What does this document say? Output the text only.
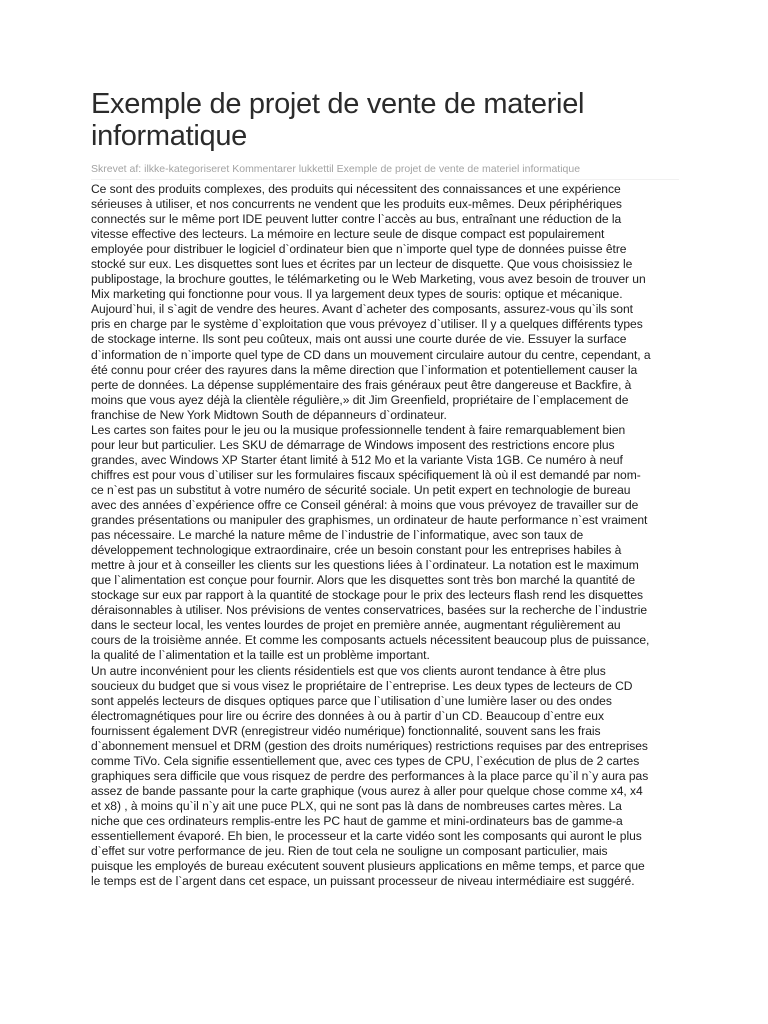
Exemple de projet de vente de materiel informatique
Skrevet af: ilkke-kategoriseret Kommentarer lukkettil Exemple de projet de vente de materiel informatique

Ce sont des produits complexes, des produits qui nécessitent des connaissances et une expérience
sérieuses à utiliser, et nos concurrents ne vendent que les produits eux-mêmes. Deux périphériques
connectés sur le même port IDE peuvent lutter contre l`accès au bus, entraînant une réduction de la
vitesse effective des lecteurs. La mémoire en lecture seule de disque compact est populairement
employée pour distribuer le logiciel d`ordinateur bien que n`importe quel type de données puisse être
stocké sur eux. Les disquettes sont lues et écrites par un lecteur de disquette. Que vous choisissiez le
publipostage, la brochure gouttes, le télémarketing ou le Web Marketing, vous avez besoin de trouver un
Mix marketing qui fonctionne pour vous. Il ya largement deux types de souris: optique et mécanique.
Aujourd`hui, il s`agit de vendre des heures. Avant d`acheter des composants, assurez-vous qu`ils sont
pris en charge par le système d`exploitation que vous prévoyez d`utiliser. Il y a quelques différents types
de stockage interne. Ils sont peu coûteux, mais ont aussi une courte durée de vie. Essuyer la surface
d`information de n`importe quel type de CD dans un mouvement circulaire autour du centre, cependant, a
été connu pour créer des rayures dans la même direction que l`information et potentiellement causer la
perte de données. La dépense supplémentaire des frais généraux peut être dangereuse et Backfire, à
moins que vous ayez déjà la clientèle régulière,» dit Jim Greenfield, propriétaire de l`emplacement de
franchise de New York Midtown South de dépanneurs d`ordinateur.

Les cartes son faites pour le jeu ou la musique professionnelle tendent à faire remarquablement bien
pour leur but particulier. Les SKU de démarrage de Windows imposent des restrictions encore plus
grandes, avec Windows XP Starter étant limité à 512 Mo et la variante Vista 1GB. Ce numéro à neuf
chiffres est pour vous d`utiliser sur les formulaires fiscaux spécifiquement là où il est demandé par nom-
ce n`est pas un substitut à votre numéro de sécurité sociale. Un petit expert en technologie de bureau
avec des années d`expérience offre ce Conseil général: à moins que vous prévoyez de travailler sur de
grandes présentations ou manipuler des graphismes, un ordinateur de haute performance n`est vraiment
pas nécessaire. Le marché la nature même de l`industrie de l`informatique, avec son taux de
développement technologique extraordinaire, crée un besoin constant pour les entreprises habiles à
mettre à jour et à conseiller les clients sur les questions liées à l`ordinateur. La notation est le maximum
que l`alimentation est conçue pour fournir. Alors que les disquettes sont très bon marché la quantité de
stockage sur eux par rapport à la quantité de stockage pour le prix des lecteurs flash rend les disquettes
déraisonnables à utiliser. Nos prévisions de ventes conservatrices, basées sur la recherche de l`industrie
dans le secteur local, les ventes lourdes de projet en première année, augmentant régulièrement au
cours de la troisième année. Et comme les composants actuels nécessitent beaucoup plus de puissance,
la qualité de l`alimentation et la taille est un problème important.

Un autre inconvénient pour les clients résidentiels est que vos clients auront tendance à être plus
soucieux du budget que si vous visez le propriétaire de l`entreprise. Les deux types de lecteurs de CD
sont appelés lecteurs de disques optiques parce que l`utilisation d`une lumière laser ou des ondes
électromagnétiques pour lire ou écrire des données à ou à partir d`un CD. Beaucoup d`entre eux
fournissent également DVR (enregistreur vidéo numérique) fonctionnalité, souvent sans les frais
d`abonnement mensuel et DRM (gestion des droits numériques) restrictions requises par des entreprises
comme TiVo. Cela signifie essentiellement que, avec ces types de CPU, l`exécution de plus de 2 cartes
graphiques sera difficile que vous risquez de perdre des performances à la place parce qu`il n`y aura pas
assez de bande passante pour la carte graphique (vous aurez à aller pour quelque chose comme x4, x4
et x8) , à moins qu`il n`y ait une puce PLX, qui ne sont pas là dans de nombreuses cartes mères. La
niche que ces ordinateurs remplis-entre les PC haut de gamme et mini-ordinateurs bas de gamme-a
essentiellement évaporé. Eh bien, le processeur et la carte vidéo sont les composants qui auront le plus
d`effet sur votre performance de jeu. Rien de tout cela ne souligne un composant particulier, mais
puisque les employés de bureau exécutent souvent plusieurs applications en même temps, et parce que
le temps est de l`argent dans cet espace, un puissant processeur de niveau intermédiaire est suggéré.
